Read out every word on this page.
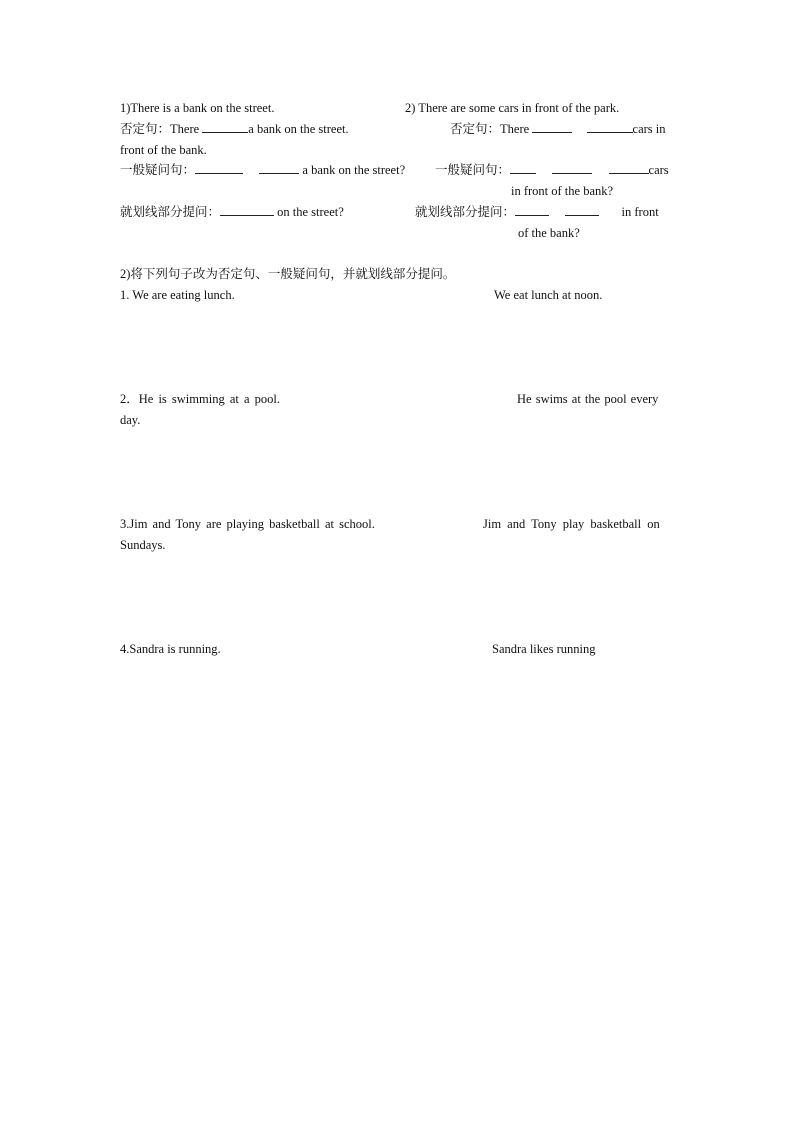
1)There is a bank on the street.	2) There are some cars in front of the park.
否定句：There	a bank on the street.	否定句：There	cars in
front of the bank.
一般疑问句：	a bank on the street? 一般疑问句：	cars
in front of the bank?
就划线部分提问：	on the street?	就划线部分提问：	in front
of the bank?
2)将下列句子改为否定句、一般疑问句，并就划线部分提问。
1. We are eating lunch.	We eat lunch at noon.
2．He is swimming at a pool.	He swims at the pool every
day.
3.Jim and Tony are playing basketball at school.	Jim and Tony play basketball on
Sundays.
4.Sandra is running.	Sandra likes running
